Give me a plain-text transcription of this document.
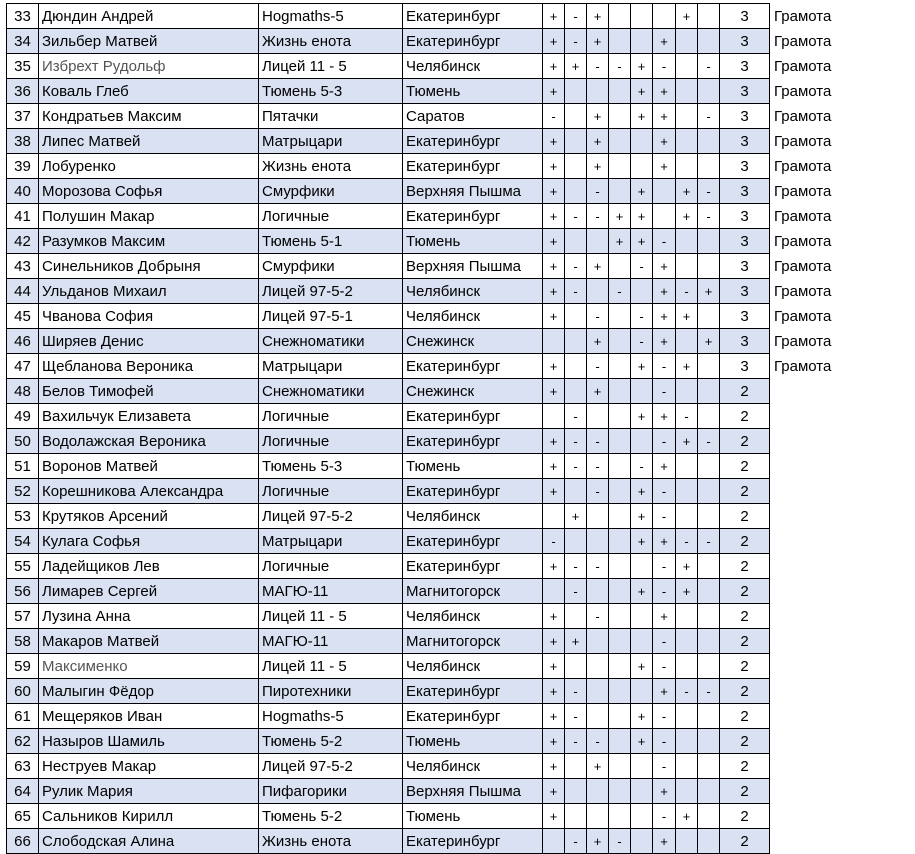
33	Дюндин Андрей	Hogmaths-5	Екатеринбург	+	-	+				+		3	Грамота
34	Зильбер Матвей	Жизнь енота	Екатеринбург	+	-	+			+			3	Грамота
35	Избрехт Рудольф	Лицей 11 - 5	Челябинск	+	+	-	-	+	-		-	3	Грамота
36	Коваль Глеб	Тюмень 5-3	Тюмень	+				+	+			3	Грамота
37	Кондратьев Максим	Пятачки	Саратов	-		+		+	+		-	3	Грамота
38	Липес Матвей	Матрыцари	Екатеринбург	+		+			+			3	Грамота
39	Лобуренко	Жизнь енота	Екатеринбург	+		+			+			3	Грамота
40	Морозова Софья	Смурфики	Верхняя Пышма	+		-		+		+	-	3	Грамота
41	Полушин Макар	Логичные	Екатеринбург	+	-	-	+	+		+	-	3	Грамота
42	Разумков Максим	Тюмень 5-1	Тюмень	+			+	+	-			3	Грамота
43	Синельников Добрыня	Смурфики	Верхняя Пышма	+	-	+		-	+			3	Грамота
44	Ульданов Михаил	Лицей 97-5-2	Челябинск	+	-		-		+	-	+	3	Грамота
45	Чванова София	Лицей 97-5-1	Челябинск	+		-		-	+	+		3	Грамота
46	Ширяев Денис	Снежноматики	Снежинск			+		-	+		+	3	Грамота
47	Щебланова Вероника	Матрыцари	Екатеринбург	+		-		+	-	+		3	Грамота
48	Белов Тимофей	Снежноматики	Снежинск	+		+			-			2	
49	Вахильчук Елизавета	Логичные	Екатеринбург		-			+	+	-		2	
50	Водолажская Вероника	Логичные	Екатеринбург	+	-	-			-	+	-	2	
51	Воронов Матвей	Тюмень 5-3	Тюмень	+	-	-		-	+			2	
52	Корешникова Александра	Логичные	Екатеринбург	+		-		+	-			2	
53	Крутяков Арсений	Лицей 97-5-2	Челябинск		+			+	-			2	
54	Кулага Софья	Матрыцари	Екатеринбург	-				+	+	-	-	2	
55	Ладейщиков Лев	Логичные	Екатеринбург	+	-	-			-	+		2	
56	Лимарев Сергей	МАГЮ-11	Магнитогорск		-			+	-	+		2	
57	Лузина Анна	Лицей 11 - 5	Челябинск	+		-			+			2	
58	Макаров Матвей	МАГЮ-11	Магнитогорск	+	+				-			2	
59	Максименко	Лицей 11 - 5	Челябинск	+				+	-			2	
60	Малыгин Фёдор	Пиротехники	Екатеринбург	+	-				+	-	-	2	
61	Мещеряков Иван	Hogmaths-5	Екатеринбург	+	-			+	-			2	
62	Назыров Шамиль	Тюмень 5-2	Тюмень	+	-	-		+	-			2	
63	Неструев Макар	Лицей 97-5-2	Челябинск	+		+			-			2	
64	Рулик Мария	Пифагорики	Верхняя Пышма	+					+			2	
65	Сальников Кирилл	Тюмень 5-2	Тюмень	+					-	+		2	
66	Слободская Алина	Жизнь енота	Екатеринбург		-	+	-		+			2	
